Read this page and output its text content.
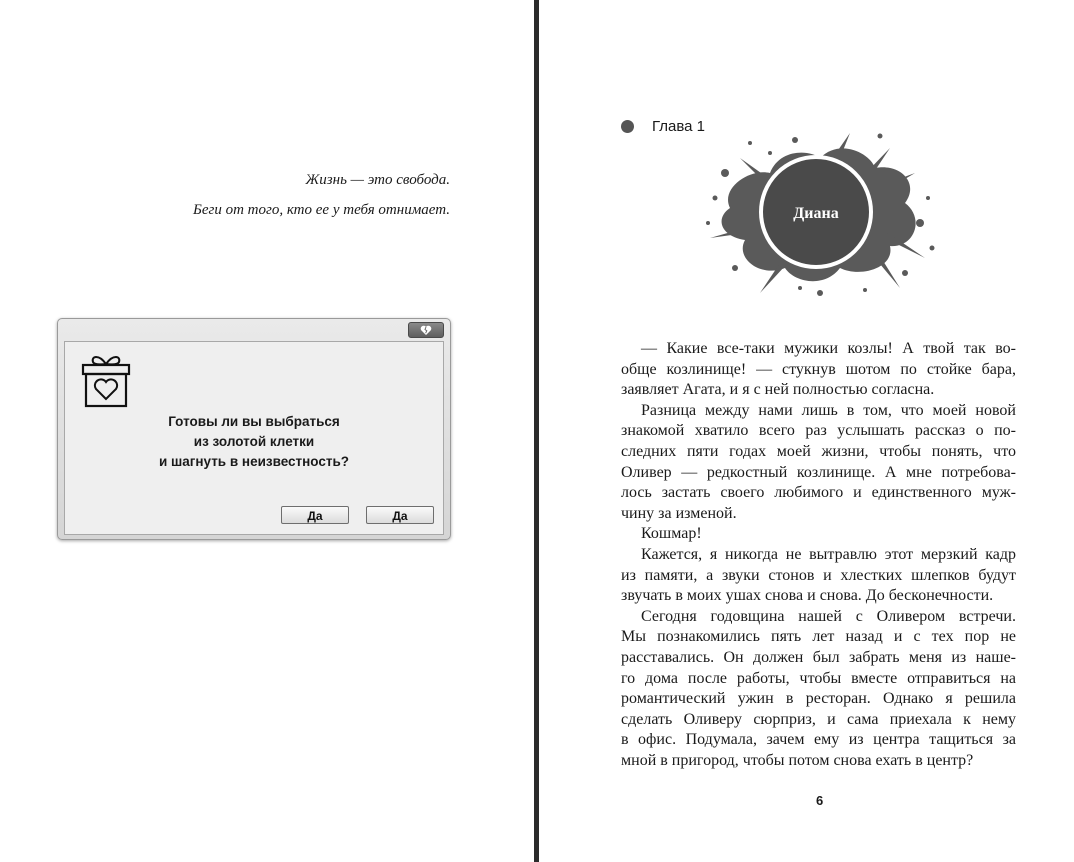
Жизнь — это свобода.
Беги от того, кто ее у тебя отнимает.
Готовы ли вы выбраться
из золотой клетки
и шагнуть в неизвестность?
Да	Да
Глава 1
Диана
— Какие все-таки мужики козлы! А твой так во-
обще козлинище! — стукнув шотом по стойке бара,
заявляет Агата, и я с ней полностью согласна.
Разница между нами лишь в том, что моей новой
знакомой хватило всего раз услышать рассказ о по-
следних пяти годах моей жизни, чтобы понять, что
Оливер — редкостный козлинище. А мне потребова-
лось застать своего любимого и единственного муж-
чину за изменой.
Кошмар!
Кажется, я никогда не вытравлю этот мерзкий кадр
из памяти, а звуки стонов и хлестких шлепков будут
звучать в моих ушах снова и снова. До бесконечности.
Сегодня годовщина нашей с Оливером встречи.
Мы познакомились пять лет назад и с тех пор не
расставались. Он должен был забрать меня из наше-
го дома после работы, чтобы вместе отправиться на
романтический ужин в ресторан. Однако я решила
сделать Оливеру сюрприз, и сама приехала к нему
в офис. Подумала, зачем ему из центра тащиться за
мной в пригород, чтобы потом снова ехать в центр?
6
